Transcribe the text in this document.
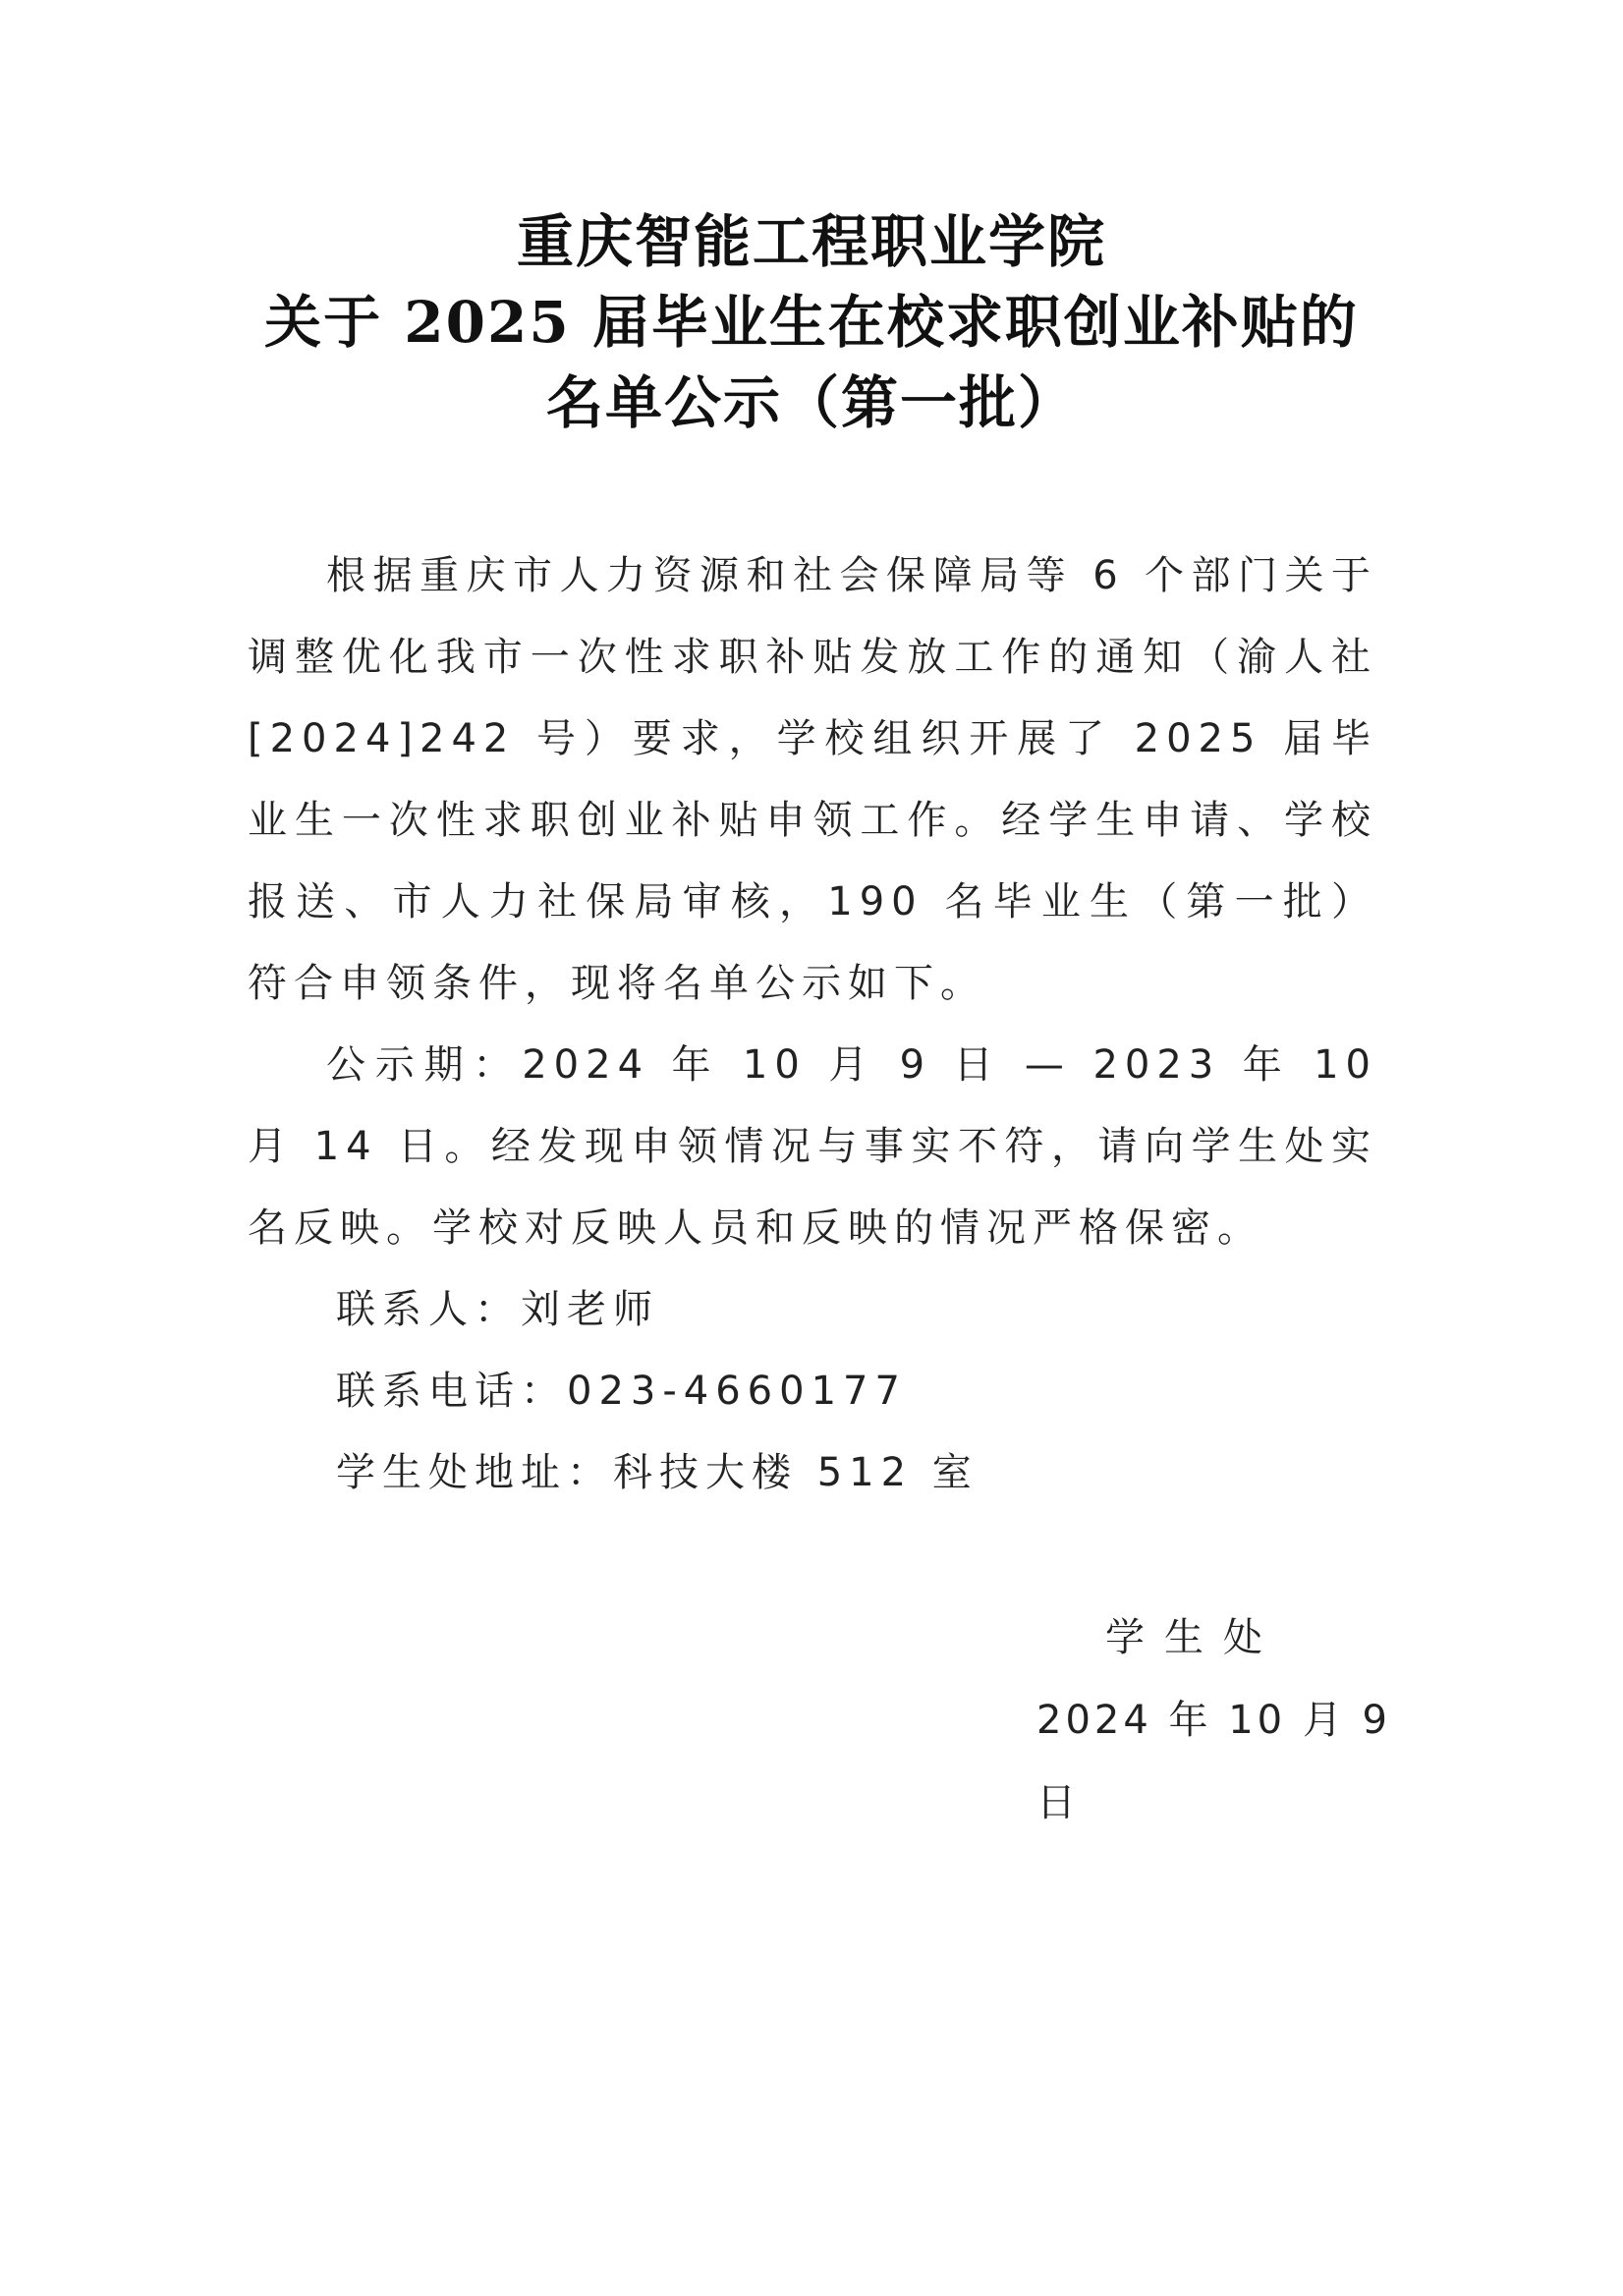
重庆智能工程职业学院
关于 2025 届毕业生在校求职创业补贴的
名单公示（第一批）

根据重庆市人力资源和社会保障局等 6 个部门关于调整优化我市一次性求职补贴发放工作的通知（渝人社[2024]242 号）要求，学校组织开展了 2025 届毕业生一次性求职创业补贴申领工作。经学生申请、学校报送、市人力社保局审核，190 名毕业生（第一批）符合申领条件，现将名单公示如下。

公示期：2024 年 10 月 9 日 — 2023 年 10 月 14 日。经发现申领情况与事实不符，请向学生处实名反映。学校对反映人员和反映的情况严格保密。

联系人：刘老师

联系电话：023-4660177

学生处地址：科技大楼 512 室

学生处
2024 年 10 月 9 日
